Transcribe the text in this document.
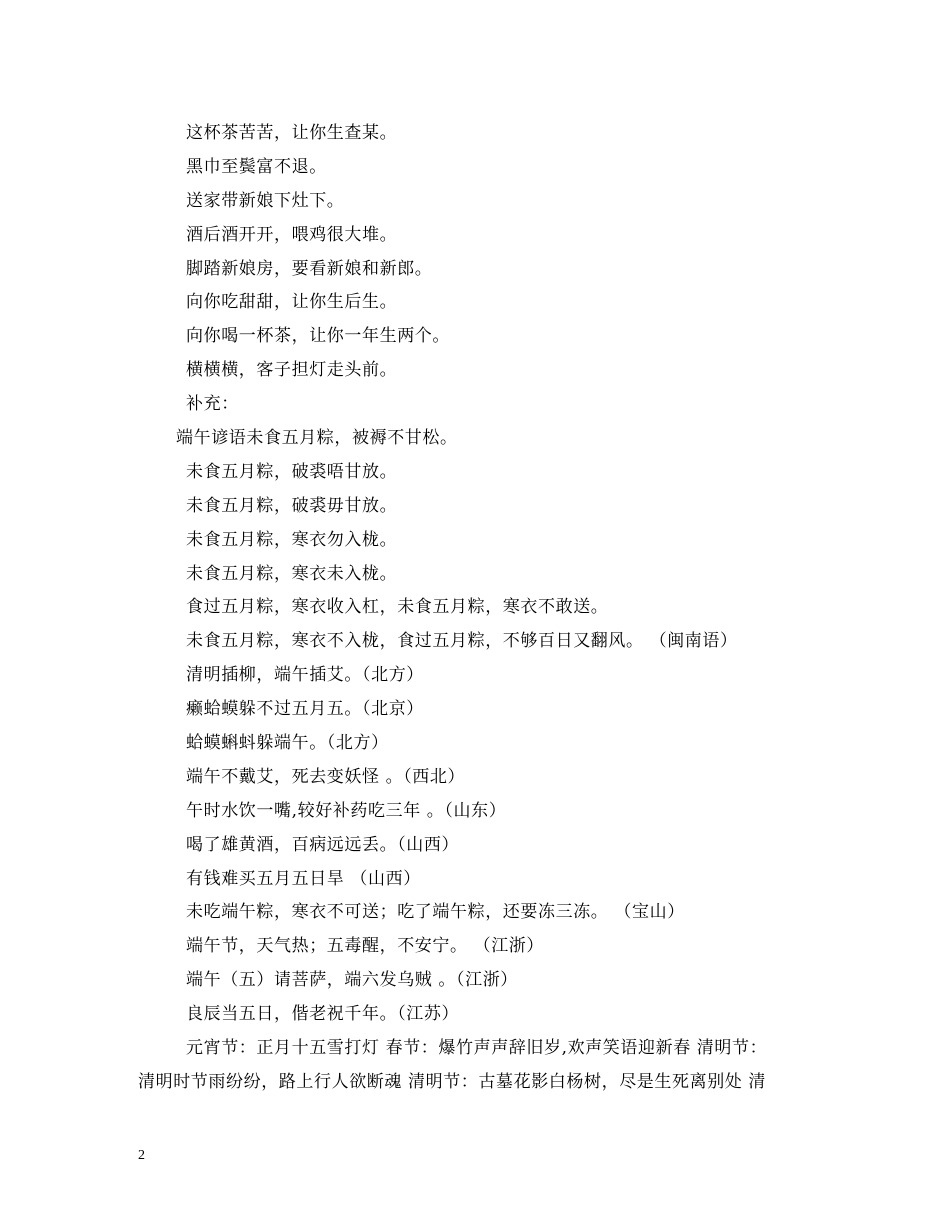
这杯茶苦苦，让你生查某。
黑巾至鬓富不退。
送家带新娘下灶下。
酒后酒开开，喂鸡很大堆。
脚踏新娘房，要看新娘和新郎。
向你吃甜甜，让你生后生。
向你喝一杯茶，让你一年生两个。
横横横，客子担灯走头前。
补充：
端午谚语未食五月粽，被褥不甘松。
未食五月粽，破裘唔甘放。
未食五月粽，破裘毋甘放。
未食五月粽，寒衣勿入栊。
未食五月粽，寒衣未入栊。
食过五月粽，寒衣收入杠，未食五月粽，寒衣不敢送。
未食五月粽，寒衣不入栊，食过五月粽，不够百日又翻风。 （闽南语）
清明插柳，端午插艾。（北方）
癞蛤蟆躲不过五月五。（北京）
蛤蟆蝌蚪躲端午。（北方）
端午不戴艾，死去变妖怪 。（西北）
午时水饮一嘴,较好补药吃三年 。（山东）
喝了雄黄酒，百病远远丢。（山西）
有钱难买五月五日旱 （山西）
未吃端午粽，寒衣不可送；吃了端午粽，还要冻三冻。 （宝山）
端午节，天气热；五毒醒，不安宁。 （江浙）
端午（五）请菩萨，端六发乌贼 。（江浙）
良辰当五日，偕老祝千年。（江苏）
元宵节：正月十五雪打灯 春节：爆竹声声辞旧岁,欢声笑语迎新春 清明节：
清明时节雨纷纷，路上行人欲断魂 清明节：古墓花影白杨树，尽是生死离别处 清
2
